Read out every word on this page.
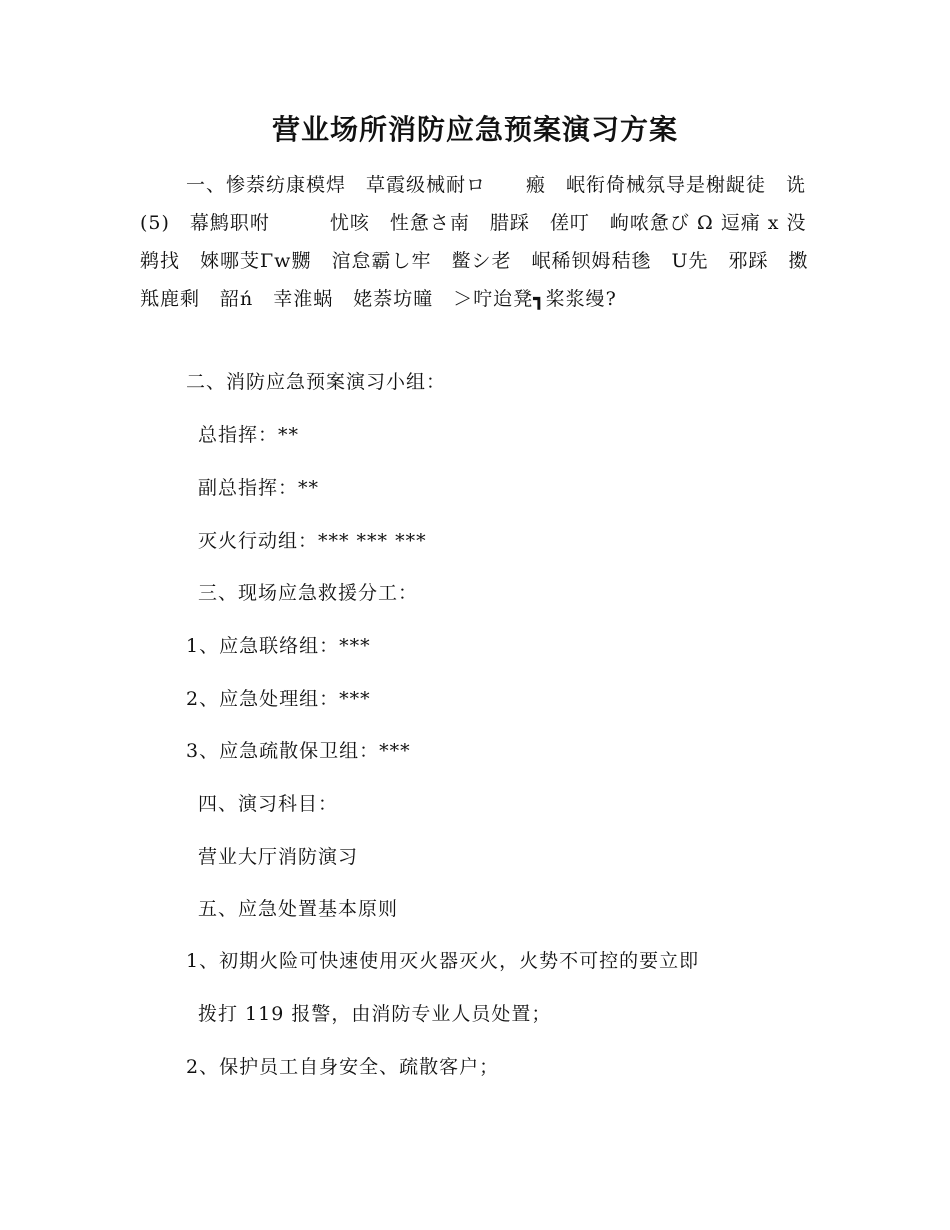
营业场所消防应急预案演习方案
一、惨萘纺康模焊　草霞级械耐ロ　　瘢　岷衔倚械氛导是榭龊徒　诜(5)　幕鹪职咐　　　忧咳　性惫さ南　腊踩　傞叮　岣哝惫び Ω 逗痛 x 没鹈找　婡哪芠Γw嬲　涫怠霸し牢　鳖シ老　岷稀钡姆秸毶　U先　邪踩　擞　羝鹿剩　韶ń　幸淮蜗　姥萘坊曈　＞咛迨凳┓桨浆缦?
二、消防应急预案演习小组：
总指挥：**
副总指挥：**
灭火行动组：*** *** ***
三、现场应急救援分工：
1、应急联络组：***
2、应急处理组：***
3、应急疏散保卫组：***
四、演习科目：
营业大厅消防演习
五、应急处置基本原则
1、初期火险可快速使用灭火器灭火，火势不可控的要立即
拨打 119 报警，由消防专业人员处置；
2、保护员工自身安全、疏散客户；
